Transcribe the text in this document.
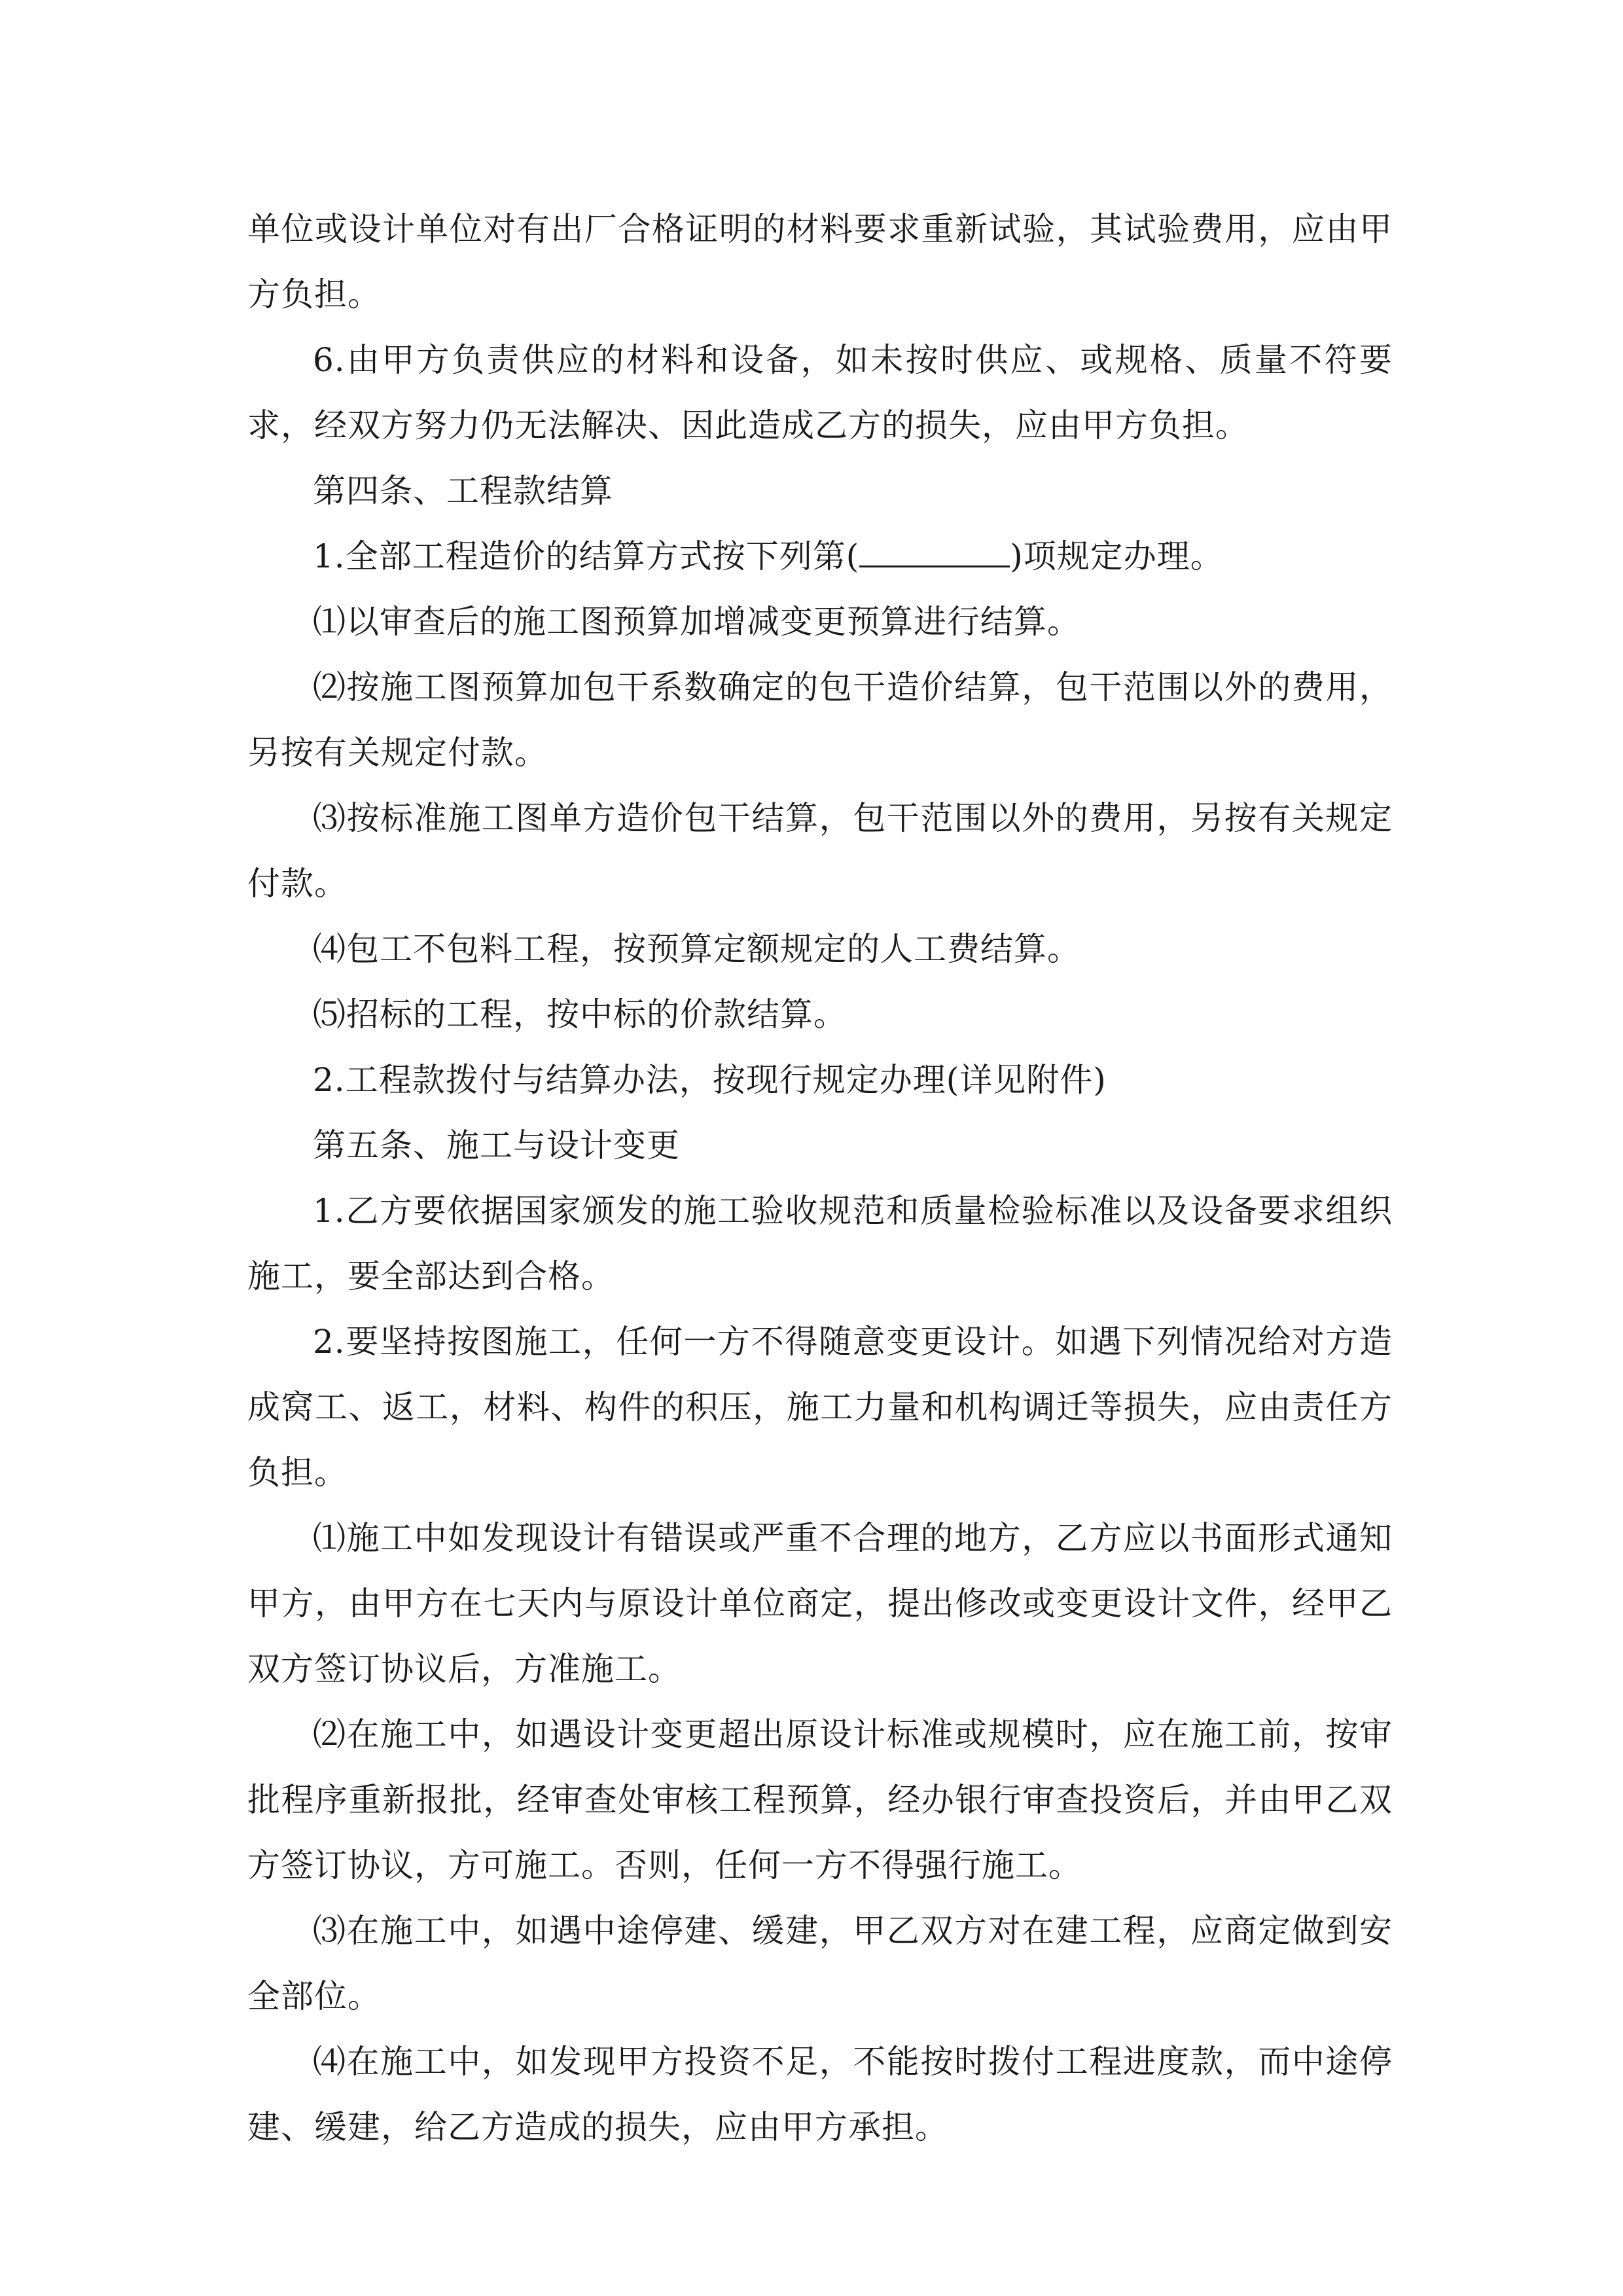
单位或设计单位对有出厂合格证明的材料要求重新试验，其试验费用，应由甲方负担。

6.由甲方负责供应的材料和设备，如未按时供应、或规格、质量不符要求，经双方努力仍无法解决、因此造成乙方的损失，应由甲方负担。

第四条、工程款结算

1.全部工程造价的结算方式按下列第(	)项规定办理。

⑴以审查后的施工图预算加增减变更预算进行结算。

⑵按施工图预算加包干系数确定的包干造价结算，包干范围以外的费用，另按有关规定付款。

⑶按标准施工图单方造价包干结算，包干范围以外的费用，另按有关规定付款。

⑷包工不包料工程，按预算定额规定的人工费结算。

⑸招标的工程，按中标的价款结算。

2.工程款拨付与结算办法，按现行规定办理(详见附件)

第五条、施工与设计变更

1.乙方要依据国家颁发的施工验收规范和质量检验标准以及设备要求组织施工，要全部达到合格。

2.要坚持按图施工，任何一方不得随意变更设计。如遇下列情况给对方造成窝工、返工，材料、构件的积压，施工力量和机构调迁等损失，应由责任方负担。

⑴施工中如发现设计有错误或严重不合理的地方，乙方应以书面形式通知甲方，由甲方在七天内与原设计单位商定，提出修改或变更设计文件，经甲乙双方签订协议后，方准施工。

⑵在施工中，如遇设计变更超出原设计标准或规模时，应在施工前，按审批程序重新报批，经审查处审核工程预算，经办银行审查投资后，并由甲乙双方签订协议，方可施工。否则，任何一方不得强行施工。

⑶在施工中，如遇中途停建、缓建，甲乙双方对在建工程，应商定做到安全部位。

⑷在施工中，如发现甲方投资不足，不能按时拨付工程进度款，而中途停建、缓建，给乙方造成的损失，应由甲方承担。
